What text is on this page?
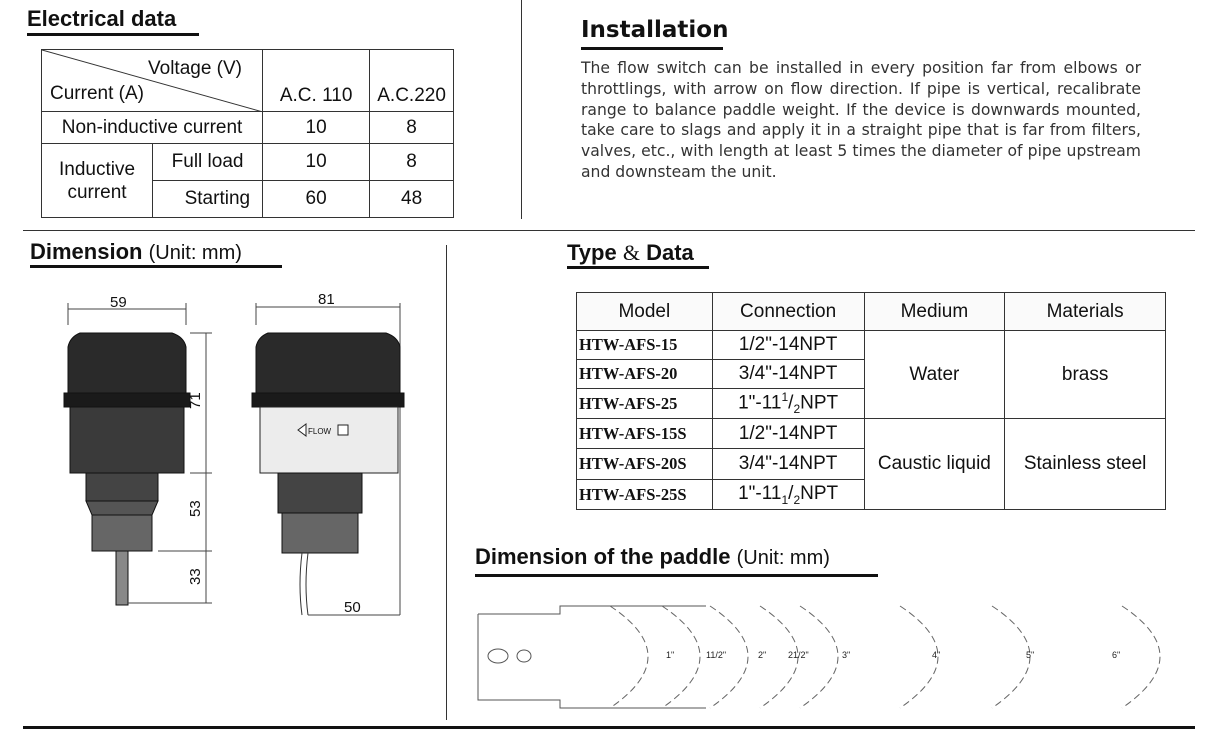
Electrical data
Voltage (V)
Current (A)		A.C. 110	A.C.220
Non-inductive current		10	8
Inductive current	Full load	10	8
	Starting	60	48
Installation
The flow switch can be installed in every position far from elbows or throttlings, with arrow on flow direction. If pipe is vertical, recalibrate range to balance paddle weight. If the device is downwards mounted, take care to slags and apply it in a straight pipe that is far from filters, valves, etc., with length at least 5 times the diameter of pipe upstream and downsteam the unit.
Dimension (Unit: mm)
59	81
71
53
33
50
FLOW
Type & Data
Model	Connection	Medium	Materials
HTW-AFS-15	1/2"-14NPT	Water	brass
HTW-AFS-20	3/4"-14NPT		
HTW-AFS-25	$1"-11^1/_2NPT$		
HTW-AFS-15S	1/2"-14NPT	Caustic liquid	Stainless steel
HTW-AFS-20S	3/4"-14NPT		
HTW-AFS-25S	$1"-11_1/_2NPT$		
Dimension of the paddle (Unit: mm)
1"	11/2"	2" 21/2"	3"	4"	5"	6"
